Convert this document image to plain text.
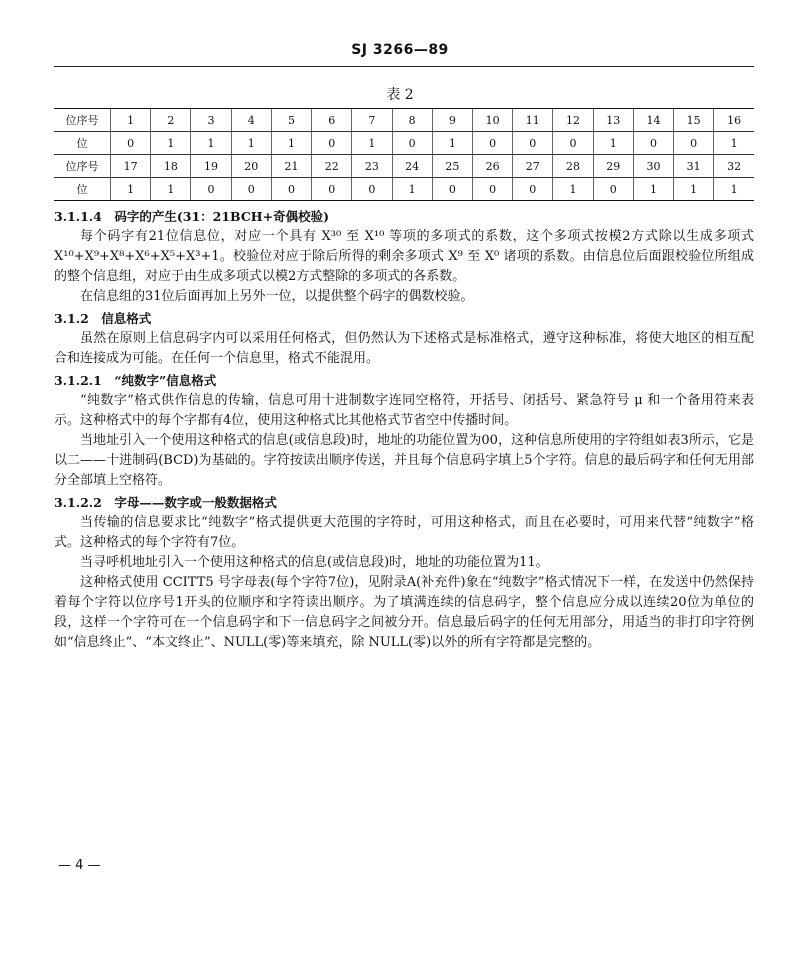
SJ 3266—89
表 2
位序号	1	2	3	4	5	6	7	8	9	10	11	12	13	14	15	16
位	0	1	1	1	1	0	1	0	1	0	0	0	1	0	0	1
位序号	17	18	19	20	21	22	23	24	25	26	27	28	29	30	31	32
位	1	1	0	0	0	0	0	1	0	0	0	1	0	1	1	1

3.1.1.4　码字的产生(31：21BCH+奇偶校验)

每个码字有21位信息位，对应一个具有 X³⁰ 至 X¹⁰ 等项的多项式的系数，这个多项式按模2方式除以生成多项式 X¹⁰+X⁹+X⁸+X⁶+X⁵+X³+1。校验位对应于除后所得的剩余多项式 X⁹ 至 X⁰ 诸项的系数。由信息位后面跟校验位所组成的整个信息组，对应于由生成多项式以模2方式整除的多项式的各系数。

在信息组的31位后面再加上另外一位，以提供整个码字的偶数校验。

3.1.2　信息格式

虽然在原则上信息码字内可以采用任何格式，但仍然认为下述格式是标准格式，遵守这种标准，将使大地区的相互配合和连接成为可能。在任何一个信息里，格式不能混用。

3.1.2.1　“纯数字”信息格式

“纯数字”格式供作信息的传输，信息可用十进制数字连同空格符，开括号、闭括号、紧急符号 μ 和一个备用符来表示。这种格式中的每个字都有4位，使用这种格式比其他格式节省空中传播时间。

当地址引入一个使用这种格式的信息(或信息段)时，地址的功能位置为00，这种信息所使用的字符组如表3所示，它是以二——十进制码(BCD)为基础的。字符按读出顺序传送，并且每个信息码字填上5个字符。信息的最后码字和任何无用部分全部填上空格符。

3.1.2.2　字母——数字或一般数据格式

当传输的信息要求比“纯数字”格式提供更大范围的字符时，可用这种格式，而且在必要时，可用来代替“纯数字”格式。这种格式的每个字符有7位。

当寻呼机地址引入一个使用这种格式的信息(或信息段)时，地址的功能位置为11。

这种格式使用 CCITT5 号字母表(每个字符7位)，见附录A(补充件)象在“纯数字”格式情况下一样，在发送中仍然保持着每个字符以位序号1开头的位顺序和字符读出顺序。为了填满连续的信息码字，整个信息应分成以连续20位为单位的段，这样一个字符可在一个信息码字和下一信息码字之间被分开。信息最后码字的任何无用部分，用适当的非打印字符例如“信息终止”、“本文终止”、NULL(零)等来填充，除 NULL(零)以外的所有字符都是完整的。

— 4 —
